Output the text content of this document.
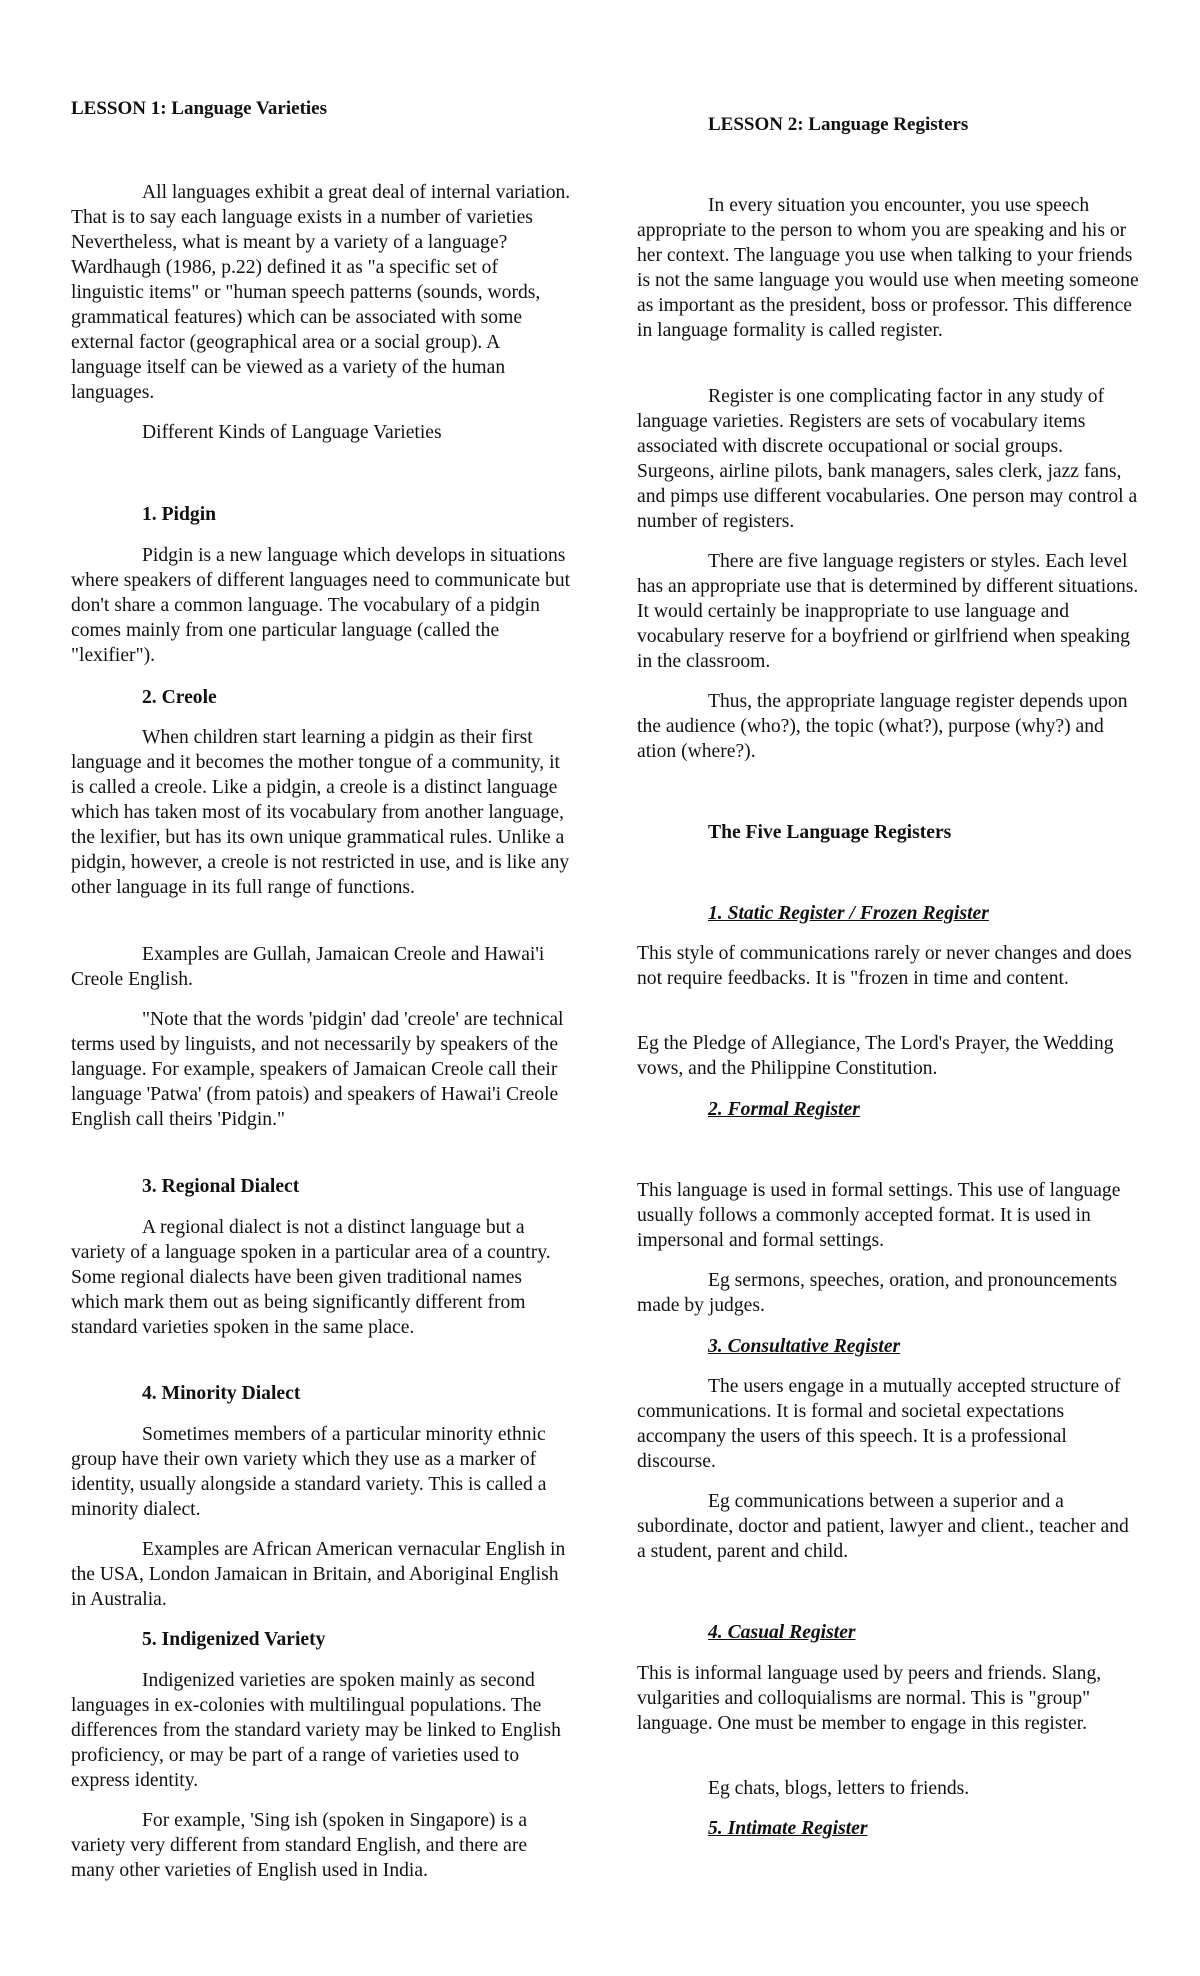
LESSON 1: Language Varieties

All languages exhibit a great deal of internal variation. That is to say each language exists in a number of varieties Nevertheless, what is meant by a variety of a language? Wardhaugh (1986, p.22) defined it as "a specific set of linguistic items" or "human speech patterns (sounds, words, grammatical features) which can be associated with some external factor (geographical area or a social group). A language itself can be viewed as a variety of the human languages.

Different Kinds of Language Varieties

1. Pidgin

Pidgin is a new language which develops in situations where speakers of different languages need to communicate but don't share a common language. The vocabulary of a pidgin comes mainly from one particular language (called the "lexifier").

2. Creole

When children start learning a pidgin as their first language and it becomes the mother tongue of a community, it is called a creole. Like a pidgin, a creole is a distinct language which has taken most of its vocabulary from another language, the lexifier, but has its own unique grammatical rules. Unlike a pidgin, however, a creole is not restricted in use, and is like any other language in its full range of functions.

Examples are Gullah, Jamaican Creole and Hawai'i Creole English.

"Note that the words 'pidgin' dad 'creole' are technical terms used by linguists, and not necessarily by speakers of the language. For example, speakers of Jamaican Creole call their language 'Patwa' (from patois) and speakers of Hawai'i Creole English call theirs 'Pidgin."

3. Regional Dialect

A regional dialect is not a distinct language but a variety of a language spoken in a particular area of a country. Some regional dialects have been given traditional names which mark them out as being significantly different from standard varieties spoken in the same place.

4. Minority Dialect

Sometimes members of a particular minority ethnic group have their own variety which they use as a marker of identity, usually alongside a standard variety. This is called a minority dialect.

Examples are African American vernacular English in the USA, London Jamaican in Britain, and Aboriginal English in Australia.

5. Indigenized Variety

Indigenized varieties are spoken mainly as second languages in ex-colonies with multilingual populations. The differences from the standard variety may be linked to English proficiency, or may be part of a range of varieties used to express identity.

For example, 'Sing ish (spoken in Singapore) is a variety very different from standard English, and there are many other varieties of English used in India.

LESSON 2: Language Registers

In every situation you encounter, you use speech appropriate to the person to whom you are speaking and his or her context. The language you use when talking to your friends is not the same language you would use when meeting someone as important as the president, boss or professor. This difference in language formality is called register.

Register is one complicating factor in any study of language varieties. Registers are sets of vocabulary items associated with discrete occupational or social groups. Surgeons, airline pilots, bank managers, sales clerk, jazz fans, and pimps use different vocabularies. One person may control a number of registers.

There are five language registers or styles. Each level has an appropriate use that is determined by different situations. It would certainly be inappropriate to use language and vocabulary reserve for a boyfriend or girlfriend when speaking in the classroom.

Thus, the appropriate language register depends upon the audience (who?), the topic (what?), purpose (why?) and ation (where?).

The Five Language Registers

1. Static Register / Frozen Register

This style of communications rarely or never changes and does not require feedbacks. It is "frozen in time and content.

Eg the Pledge of Allegiance, The Lord's Prayer, the Wedding vows, and the Philippine Constitution.

2. Formal Register

This language is used in formal settings. This use of language usually follows a commonly accepted format. It is used in impersonal and formal settings.

Eg sermons, speeches, oration, and pronouncements made by judges.

3. Consultative Register

The users engage in a mutually accepted structure of communications. It is formal and societal expectations accompany the users of this speech. It is a professional discourse.

Eg communications between a superior and a subordinate, doctor and patient, lawyer and client., teacher and a student, parent and child.

4. Casual Register

This is informal language used by peers and friends. Slang, vulgarities and colloquialisms are normal. This is "group" language. One must be member to engage in this register.

Eg chats, blogs, letters to friends.

5. Intimate Register
